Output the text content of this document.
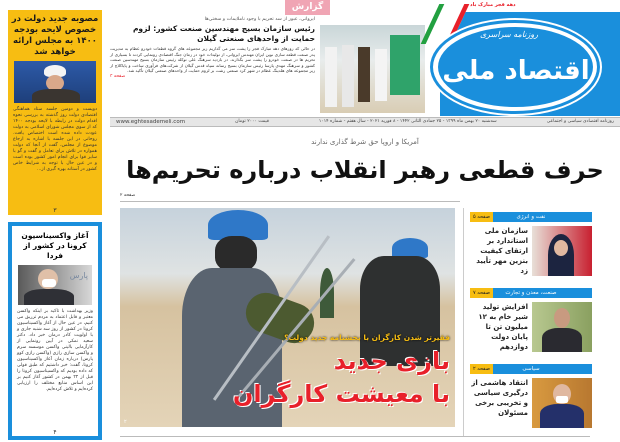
مصوبه جدید دولت در خصوص لایحه بودجه ۱۴۰۰ به مجلس ارائه خواهد شد

دویست و دومین جلسه ستاد هماهنگی اقتصادی دولت روز گذشته به بررسی نحوه اقدام دولت در رابطه با لایحه بودجه ۱۴۰۰ که از سوی مجلس شورای اسلامی به دولت عودت داده شده است اختصاص یافت. روحانی در این جلسه با اشاره به ارجاع موضوع از مجلس، گفت از آنجا که دولت همواره در تلاش برای تعامل و گفت و گو با سایر قوا برای انجام امور کشور بوده است و در عین حال با توجه به شرایط خاص کشور در آستانه بهره گیری از...

۳
آغاز واکسیناسیون کرونا در کشور از فردا
پارس

وزیر بهداشت با تاکید بر اینکه واکسن معتبر و قابل اعتماد به مردم تزریق می کنیم، در عین حال از آغاز واکسیناسیون کرونا در کشور از روز سه شنبه جاری و با اولویت کادر درمان خبر داد. دکتر سعید نمکی در آیین رونمایی از کارآزمایی بالینی واکسن موسسه سرم و واکسن سازی رازی (واکسن رازی کوو پارس) درباره زمان آغاز واکسیناسیون کرونا، گفت: خبر داشتیم که طبق قولی که داده بودیم که واکسیناسیون کرونا را قبل از ۲۲ بهمن در کشور آغاز کنیم بر این اساس منابع مختلف را ارزیابی کرده‌ایم و تلاش کرده‌ایم.

۴
گزارش
ایروانی، عبور از سد تحریم با وجود ناملایمات و سختی‌ها
رئیس سازمان بسیج مهندسین صنعت کشور: لزوم حمایت از واحدهای صنعتی گیلان

در حالی که روزهای دهه مبارک فجر را پشت سر می گذاریم زیر مجموعه های گروه قطعات خودرو عظام به مدیریت پدر صنعت قطعه سازی نوین ایران مهندس ایروانی، از تولیدات خود در زمان جنگ اقتصادی رونمایی کردند تا بسیاری از تحریم ها در صنعت خودرو را پشت سر بگذارند. در بازدید سرهنگ علی توکله رئیس سازمان بسیج مهندسین صنعت کشور و سرهنگ مهدی پارسا رئیس سازمان بسیج رسانه سپاه قدس گیلان از شرکت‌های فرآوری ساخت و پایاکلاچ از زیر مجموعه های هلدینگ عظام در شهر کرد صنعتی رشت بر لزوم حمایت از واحدهای صنعتی گیلان تأکید شد.

صفحه ۳
دهه فجر مبارک باد
روزنامه سراسری
اقتصاد ملی
روزنامه اقتصادی سیاسی و اجتماعی
سه‌شنبه ۲۰ بهمن ماه ۱۳۹۹ - ۲۵ جمادی الثانی ۱۴۴۲ - ۸ فوریه ۲۰۲۱ - سال هفتم - شماره ۱۰۱۴
قیمت ۲۰۰۰ تومان
www.eghtesademeli.com
آمریکا و اروپا حق شرط گذاری ندارند
حرف قطعی رهبر انقلاب درباره تحریم‌ها
صفحه ۲
فقیرتر شدن کارگران با بخشنامه جدید دولت؟
بازی جدید
با معیشت کارگران
۲
نفت و انرژی
صفحه ۵
سازمان ملی استاندارد بر ارتقای کیفیت بنزین مهر تأیید زد
صنعت، معدن و تجارت
صفحه ۷
افزایش تولید شیر خام به ۱۲ میلیون تن تا پایان دولت دوازدهم
سیاسی
صفحه ۲
انتقاد هاشمی از درگیری سیاسی و تخریبی برخی مسئولان
